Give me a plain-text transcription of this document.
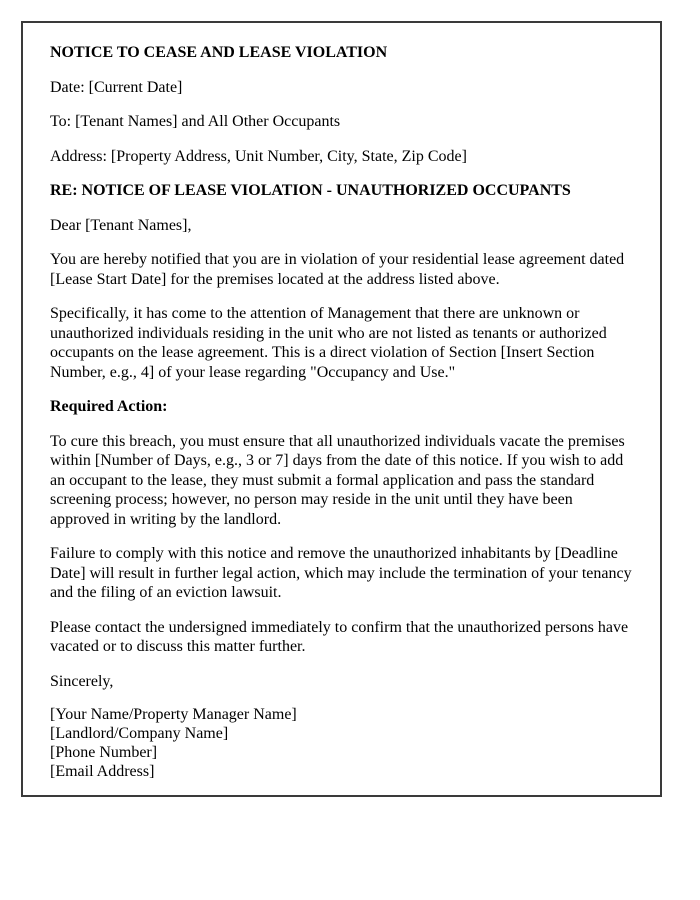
NOTICE TO CEASE AND LEASE VIOLATION

Date: [Current Date]

To: [Tenant Names] and All Other Occupants

Address: [Property Address, Unit Number, City, State, Zip Code]

RE: NOTICE OF LEASE VIOLATION - UNAUTHORIZED OCCUPANTS

Dear [Tenant Names],

You are hereby notified that you are in violation of your residential lease agreement dated [Lease Start Date] for the premises located at the address listed above.

Specifically, it has come to the attention of Management that there are unknown or unauthorized individuals residing in the unit who are not listed as tenants or authorized occupants on the lease agreement. This is a direct violation of Section [Insert Section Number, e.g., 4] of your lease regarding "Occupancy and Use."

Required Action:

To cure this breach, you must ensure that all unauthorized individuals vacate the premises within [Number of Days, e.g., 3 or 7] days from the date of this notice. If you wish to add an occupant to the lease, they must submit a formal application and pass the standard screening process; however, no person may reside in the unit until they have been approved in writing by the landlord.

Failure to comply with this notice and remove the unauthorized inhabitants by [Deadline Date] will result in further legal action, which may include the termination of your tenancy and the filing of an eviction lawsuit.

Please contact the undersigned immediately to confirm that the unauthorized persons have vacated or to discuss this matter further.

Sincerely,

[Your Name/Property Manager Name]

[Landlord/Company Name]

[Phone Number]

[Email Address]
